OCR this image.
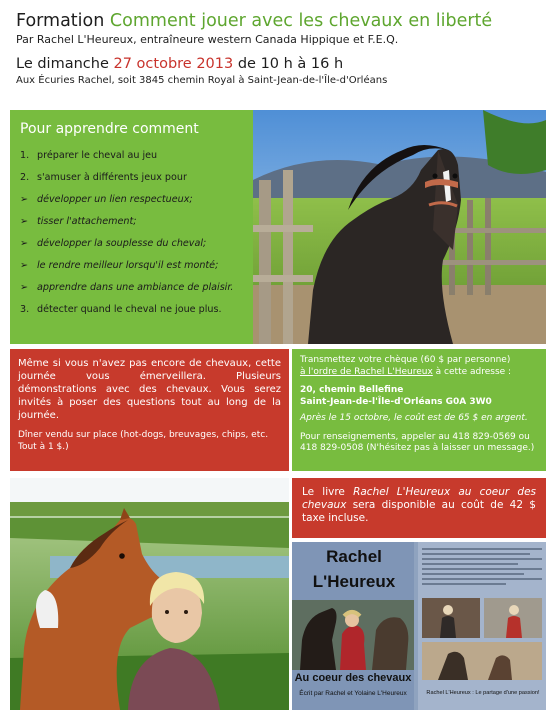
Formation Comment jouer avec les chevaux en liberté
Par Rachel L'Heureux, entraîneure western Canada Hippique et F.E.Q.
Le dimanche 27 octobre 2013 de 10 h à 16 h
Aux Écuries Rachel, soit 3845 chemin Royal à Saint-Jean-de-l'Île-d'Orléans
Pour apprendre comment
1. préparer le cheval au jeu
2. s'amuser à différents jeux pour
➢ développer un lien respectueux;
➢ tisser l'attachement;
➢ développer la souplesse du cheval;
➢ le rendre meilleur lorsqu'il est monté;
➢ apprendre dans une ambiance de plaisir.
3. détecter quand le cheval ne joue plus.
Même si vous n'avez pas encore de chevaux, cette journée vous émerveillera. Plusieurs démonstrations avec des chevaux. Vous serez invités à poser des questions tout au long de la journée.
Dîner vendu sur place (hot-dogs, breuvages, chips, etc. Tout à 1 $.)
Transmettez votre chèque (60 $ par personne)
à l'ordre de Rachel L'Heureux à cette adresse :
20, chemin Bellefine
Saint-Jean-de-l'Île-d'Orléans G0A 3W0
Après le 15 octobre, le coût est de 65 $ en argent.
Pour renseignements, appeler au 418 829-0569 ou 418 829-0508 (N'hésitez pas à laisser un message.)
Le livre Rachel L'Heureux au coeur des chevaux sera disponible au coût de 42 $ taxe incluse.
Rachel
L'Heureux
Au coeur des chevaux
Écrit par Rachel et Yolaine L'Heureux	Rachel L'Heureux : Le partage d'une passion!
